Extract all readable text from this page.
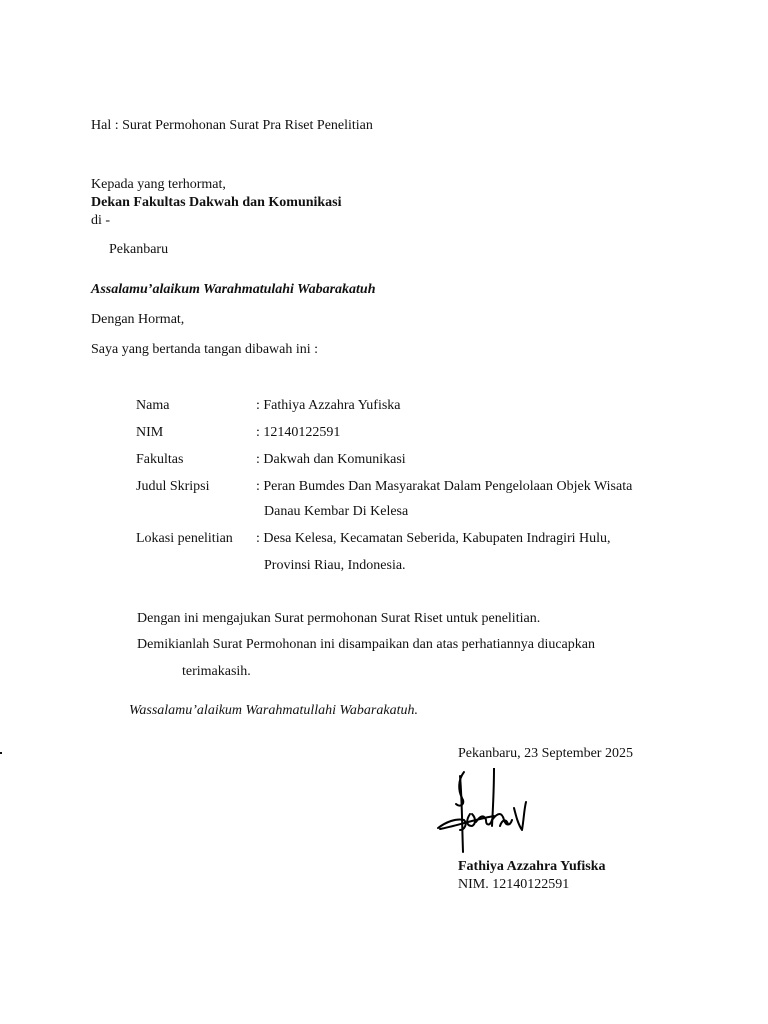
Hal : Surat Permohonan Surat Pra Riset Penelitian
Kepada yang terhormat,
Dekan Fakultas Dakwah dan Komunikasi
di -
Pekanbaru
Assalamu’alaikum Warahmatulahi Wabarakatuh
Dengan Hormat,
Saya yang bertanda tangan dibawah ini :
Nama	: Fathiya Azzahra Yufiska
NIM	: 12140122591
Fakultas	: Dakwah dan Komunikasi
Judul Skripsi	: Peran Bumdes Dan Masyarakat Dalam Pengelolaan Objek Wisata
Danau Kembar Di Kelesa
Lokasi penelitian : Desa Kelesa, Kecamatan Seberida, Kabupaten Indragiri Hulu,
Provinsi Riau, Indonesia.
Dengan ini mengajukan Surat permohonan Surat Riset untuk penelitian.
Demikianlah Surat Permohonan ini disampaikan dan atas perhatiannya diucapkan
terimakasih.
Wassalamu’alaikum Warahmatullahi Wabarakatuh.
Pekanbaru, 23 September 2025
Fathiya Azzahra Yufiska
NIM. 12140122591
